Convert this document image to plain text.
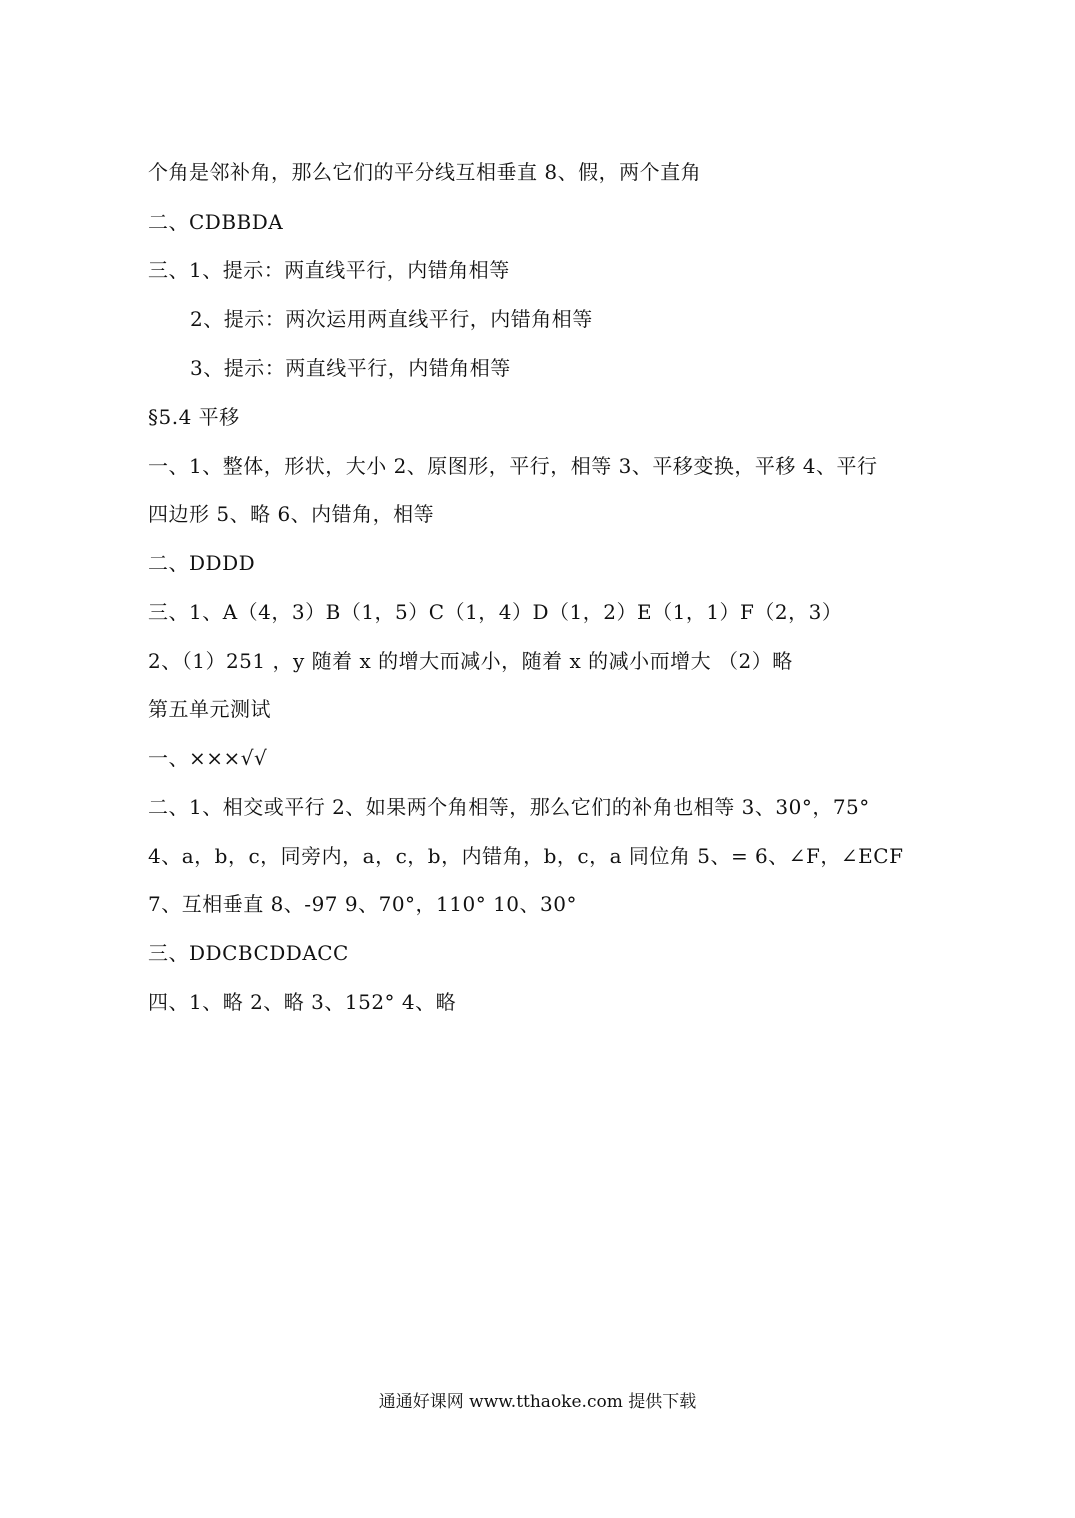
个角是邻补角，那么它们的平分线互相垂直 8、假，两个直角
二、CDBBDA
三、1、提示：两直线平行，内错角相等
2、提示：两次运用两直线平行，内错角相等
3、提示：两直线平行，内错角相等
§5.4 平移
一、1、整体，形状，大小 2、原图形，平行，相等 3、平移变换，平移 4、平行
四边形 5、略 6、内错角，相等
二、DDDD
三、1、A（4，3）B（1，5）C（1，4）D（1，2）E（1，1）F（2，3）
2、（1）251 ，y 随着 x 的增大而减小，随着 x 的减小而增大 （2）略
第五单元测试
一、×××√√
二、1、相交或平行 2、如果两个角相等，那么它们的补角也相等 3、30°，75°
4、a，b，c，同旁内，a，c，b，内错角，b，c，a 同位角 5、= 6、∠F，∠ECF
7、互相垂直 8、-97 9、70°，110° 10、30°
三、DDCBCDDACC
四、1、略 2、略 3、152° 4、略
通通好课网 www.tthaoke.com 提供下载
